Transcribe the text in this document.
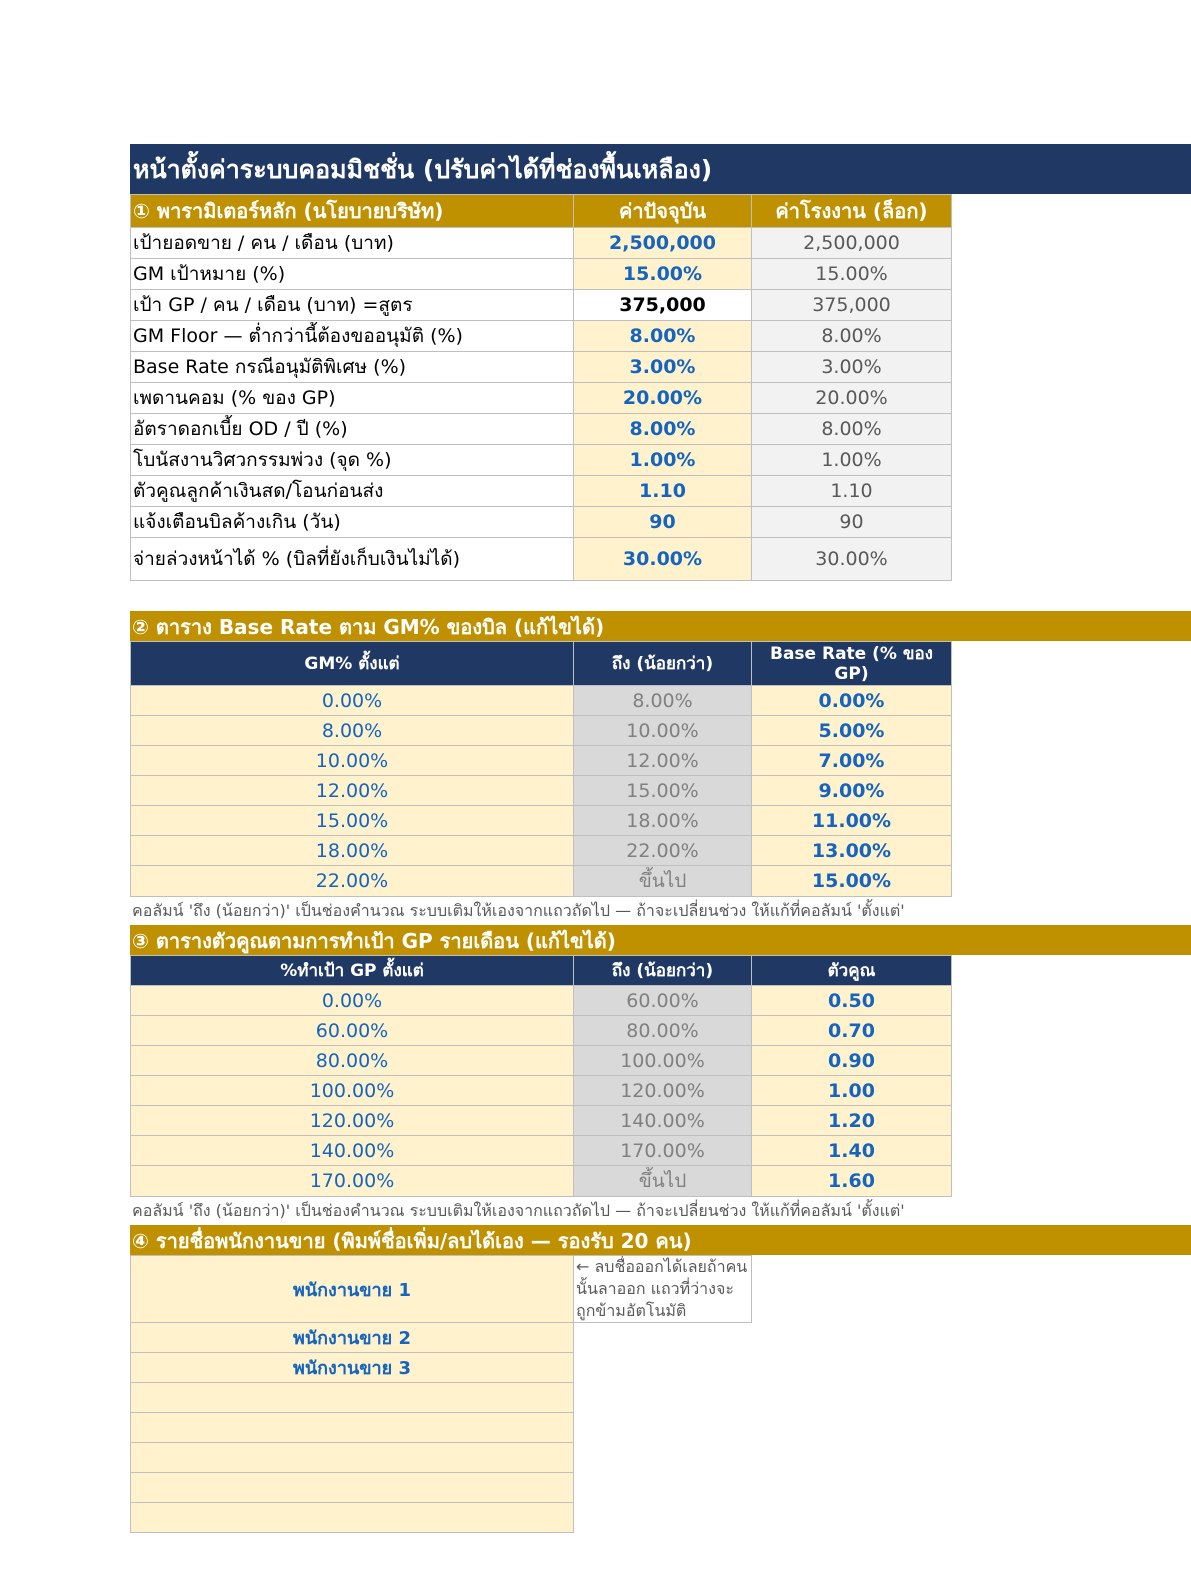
หน้าตั้งค่าระบบคอมมิชชั่น (ปรับค่าได้ที่ช่องพื้นเหลือง)
① พารามิเตอร์หลัก (นโยบายบริษัท)	ค่าปัจจุบัน	ค่าโรงงาน (ล็อก)
เป้ายอดขาย / คน / เดือน (บาท)	2,500,000	2,500,000
GM เป้าหมาย (%)	15.00%	15.00%
เป้า GP / คน / เดือน (บาท) =สูตร	375,000	375,000
GM Floor — ต่ำกว่านี้ต้องขออนุมัติ (%)	8.00%	8.00%
Base Rate กรณีอนุมัติพิเศษ (%)	3.00%	3.00%
เพดานคอม (% ของ GP)	20.00%	20.00%
อัตราดอกเบี้ย OD / ปี (%)	8.00%	8.00%
โบนัสงานวิศวกรรมพ่วง (จุด %)	1.00%	1.00%
ตัวคูณลูกค้าเงินสด/โอนก่อนส่ง	1.10	1.10
แจ้งเตือนบิลค้างเกิน (วัน)	90	90
จ่ายล่วงหน้าได้ % (บิลที่ยังเก็บเงินไม่ได้)	30.00%	30.00%
② ตาราง Base Rate ตาม GM% ของบิล (แก้ไขได้)
GM% ตั้งแต่	ถึง (น้อยกว่า)	Base Rate (% ของ GP)
0.00%	8.00%	0.00%
8.00%	10.00%	5.00%
10.00%	12.00%	7.00%
12.00%	15.00%	9.00%
15.00%	18.00%	11.00%
18.00%	22.00%	13.00%
22.00%	ขึ้นไป	15.00%
คอลัมน์ 'ถึง (น้อยกว่า)' เป็นช่องคำนวณ ระบบเติมให้เองจากแถวถัดไป — ถ้าจะเปลี่ยนช่วง ให้แก้ที่คอลัมน์ 'ตั้งแต่'
③ ตารางตัวคูณตามการทำเป้า GP รายเดือน (แก้ไขได้)
%ทำเป้า GP ตั้งแต่	ถึง (น้อยกว่า)	ตัวคูณ
0.00%	60.00%	0.50
60.00%	80.00%	0.70
80.00%	100.00%	0.90
100.00%	120.00%	1.00
120.00%	140.00%	1.20
140.00%	170.00%	1.40
170.00%	ขึ้นไป	1.60
คอลัมน์ 'ถึง (น้อยกว่า)' เป็นช่องคำนวณ ระบบเติมให้เองจากแถวถัดไป — ถ้าจะเปลี่ยนช่วง ให้แก้ที่คอลัมน์ 'ตั้งแต่'
④ รายชื่อพนักงานขาย (พิมพ์ชื่อเพิ่ม/ลบได้เอง — รองรับ 20 คน)
พนักงานขาย 1	← ลบชื่อออกได้เลยถ้าคนนั้นลาออก แถวที่ว่างจะถูกข้ามอัตโนมัติ
พนักงานขาย 2	
พนักงานขาย 3	
